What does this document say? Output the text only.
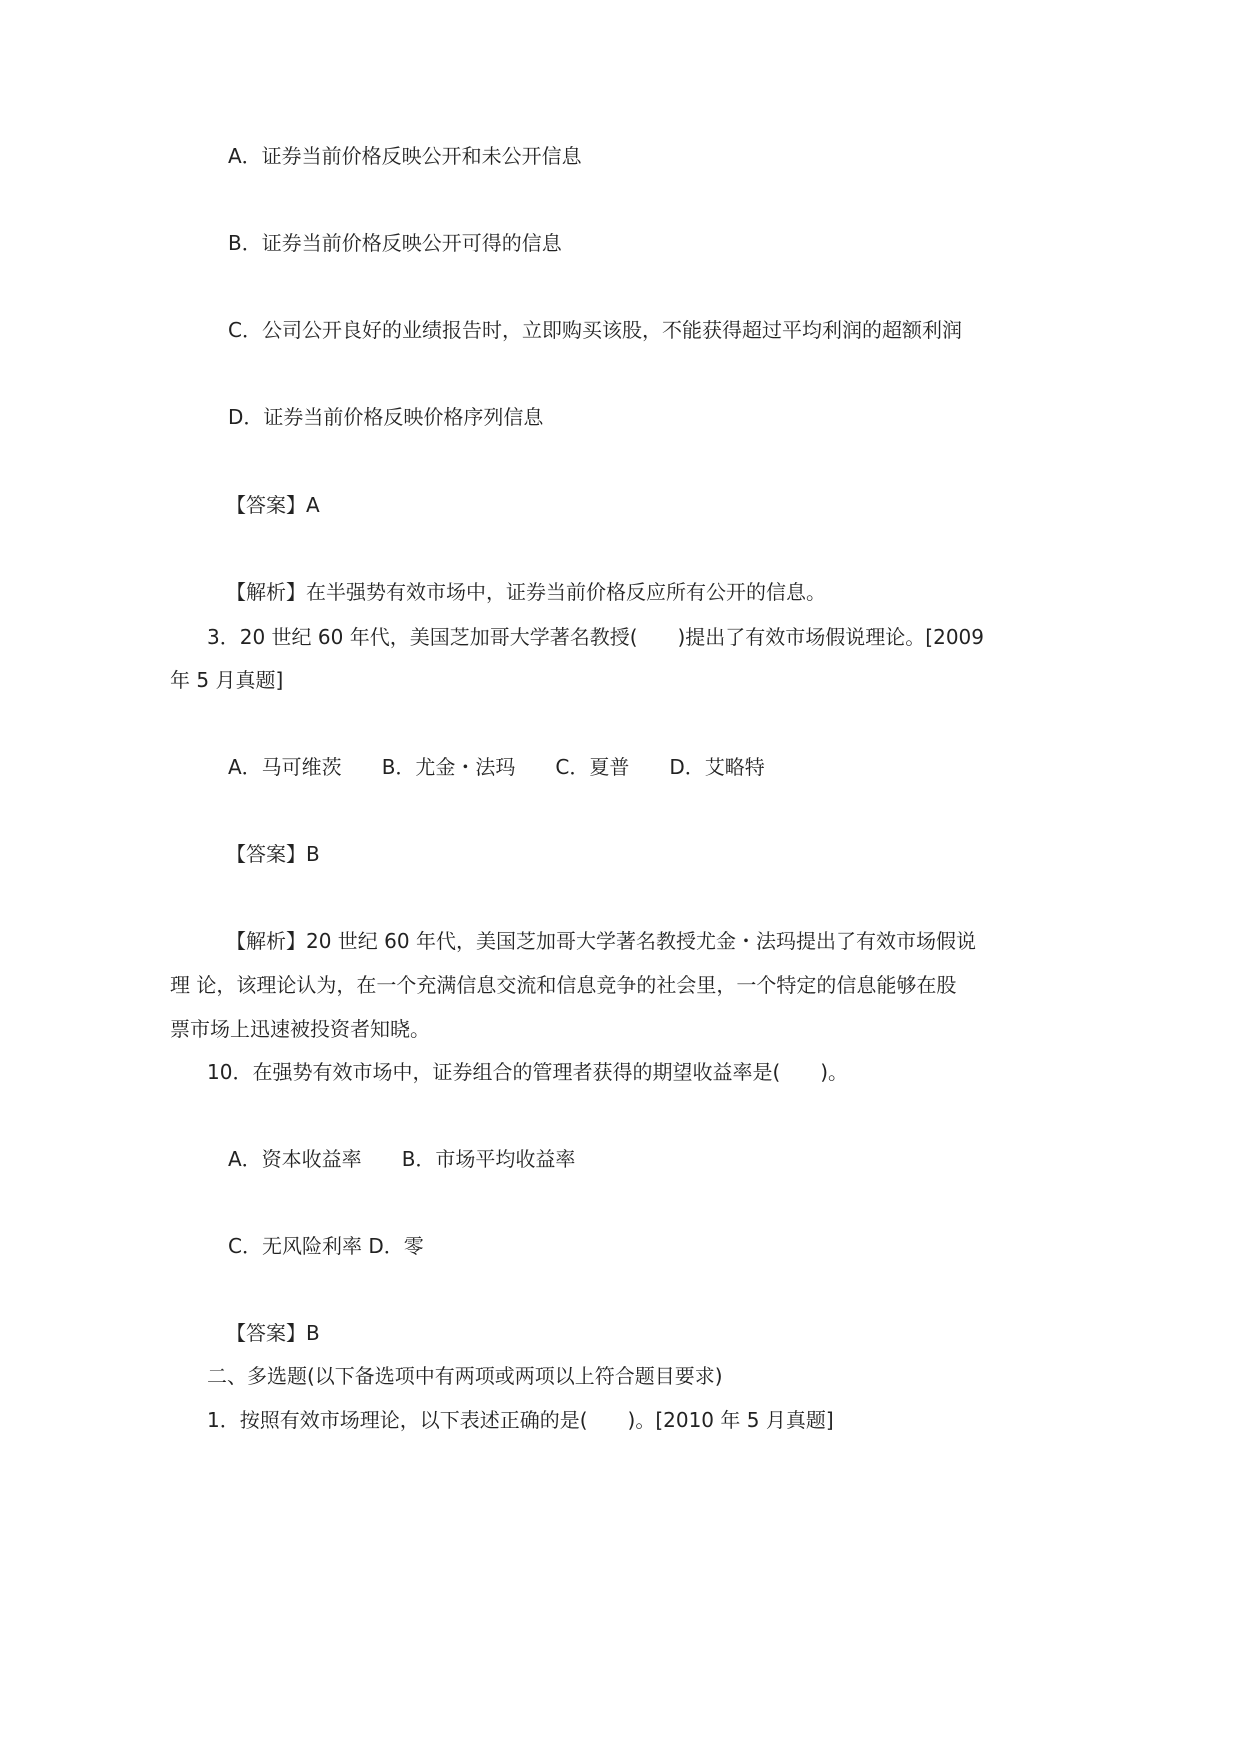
A．证券当前价格反映公开和未公开信息
B．证券当前价格反映公开可得的信息
C．公司公开良好的业绩报告时，立即购买该股，不能获得超过平均利润的超额利润
D．证券当前价格反映价格序列信息
【答案】A
【解析】在半强势有效市场中，证券当前价格反应所有公开的信息。
3．20 世纪 60 年代，美国芝加哥大学著名教授(　　)提出了有效市场假说理论。[2009
年 5 月真题]
A．马可维茨 B．尤金・法玛 C．夏普 D．艾略特
【答案】B
【解析】20 世纪 60 年代，美国芝加哥大学著名教授尤金・法玛提出了有效市场假说
理 论，该理论认为，在一个充满信息交流和信息竞争的社会里，一个特定的信息能够在股
票市场上迅速被投资者知晓。
10．在强势有效市场中，证券组合的管理者获得的期望收益率是(　　)。
A．资本收益率 B．市场平均收益率
C．无风险利率 D．零
【答案】B
二、多选题(以下备选项中有两项或两项以上符合题目要求)
1．按照有效市场理论，以下表述正确的是(　　)。[2010 年 5 月真题]
